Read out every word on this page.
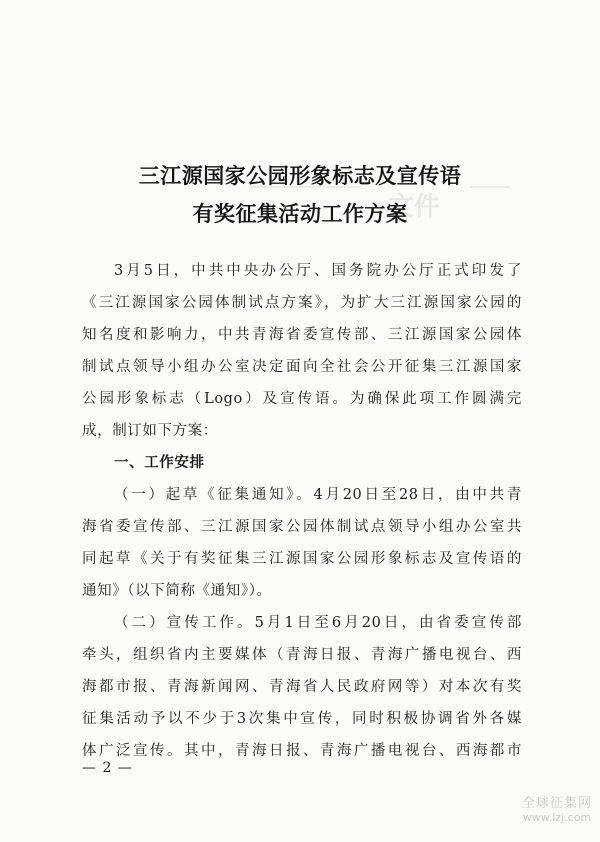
文件
三江源国家公园形象标志及宣传语
有奖征集活动工作方案
3月5日，中共中央办公厅、国务院办公厅正式印发了
《三江源国家公园体制试点方案》，为扩大三江源国家公园的
知名度和影响力，中共青海省委宣传部、三江源国家公园体
制试点领导小组办公室决定面向全社会公开征集三江源国家
公园形象标志（Logo）及宣传语。为确保此项工作圆满完
成，制订如下方案：
一、工作安排
（一）起草《征集通知》。4月20日至28日，由中共青
海省委宣传部、三江源国家公园体制试点领导小组办公室共
同起草《关于有奖征集三江源国家公园形象标志及宣传语的
通知》（以下简称《通知》）。
（二）宣传工作。5月1日至6月20日，由省委宣传部
牵头，组织省内主要媒体（青海日报、青海广播电视台、西
海都市报、青海新闻网、青海省人民政府网等）对本次有奖
征集活动予以不少于3次集中宣传，同时积极协调省外各媒
体广泛宣传。其中，青海日报、青海广播电视台、西海都市
— 2 —
全球征集网
www.lzj.com
